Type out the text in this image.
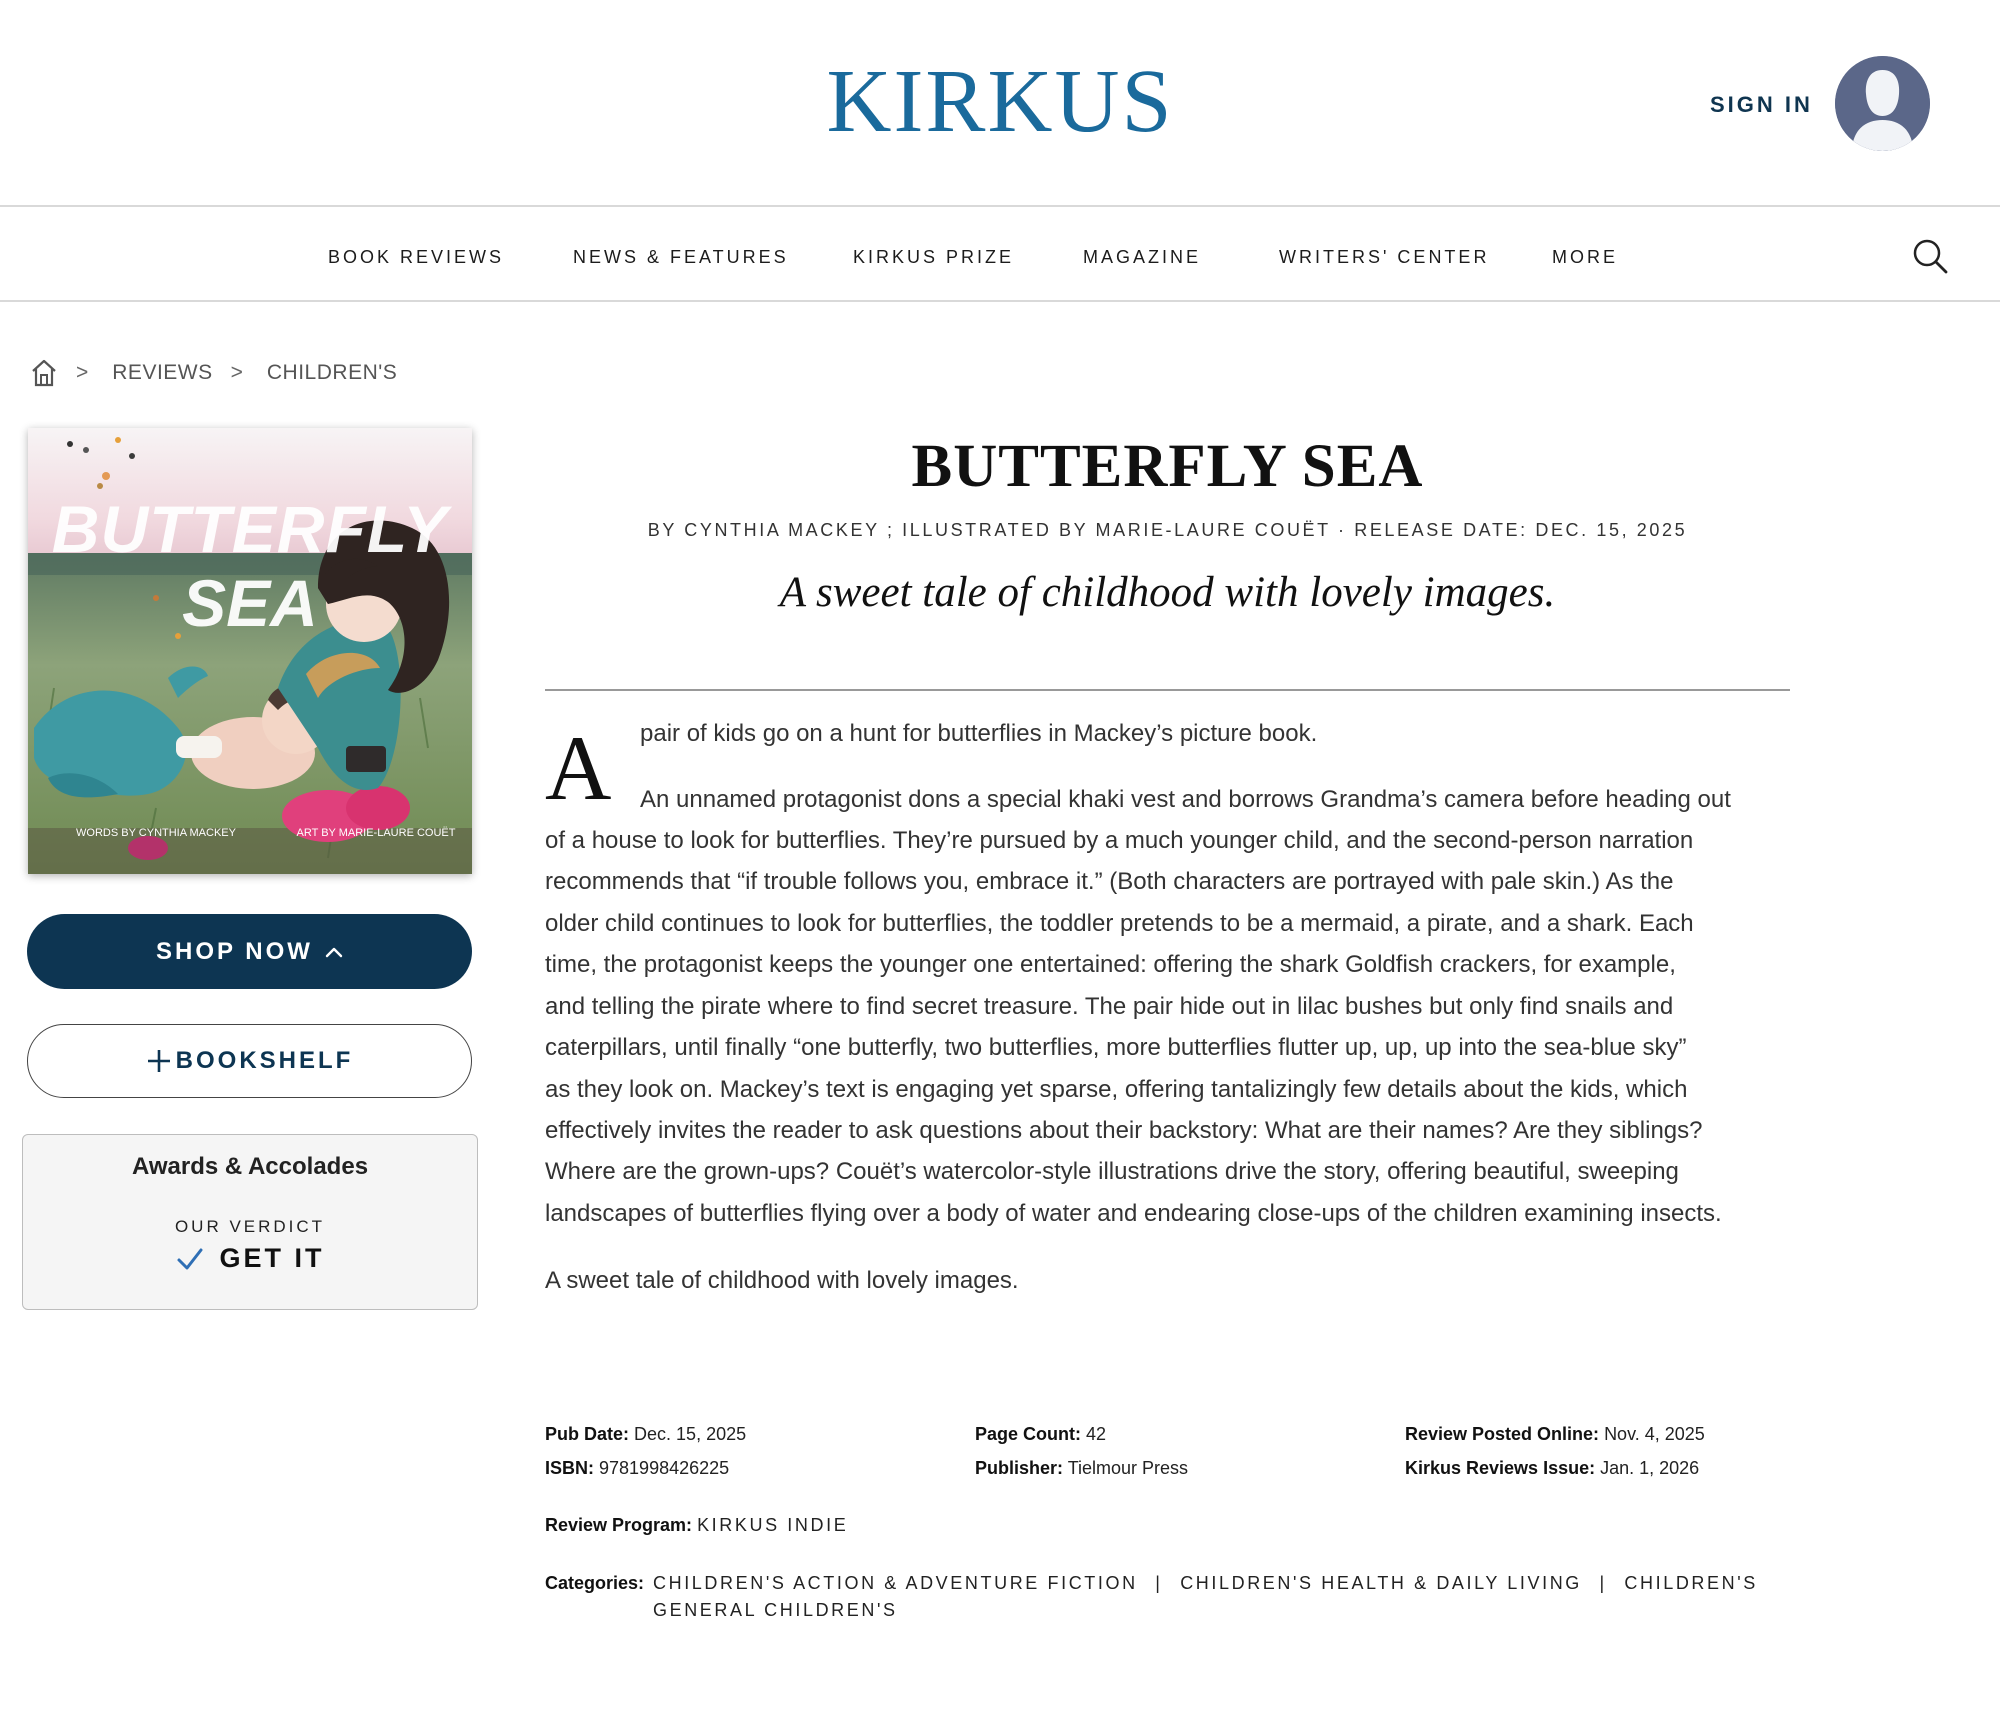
KIRKUS	SIGN IN
BOOK REVIEWS	NEWS & FEATURES	KIRKUS PRIZE	MAGAZINE	WRITERS' CENTER	MORE
> REVIEWS > CHILDREN'S
BUTTERFLY
SEA
WORDS BY CYNTHIA MACKEY	ART BY MARIE-LAURE COUËT
SHOP NOW
BOOKSHELF
Awards & Accolades
OUR VERDICT
GET IT
BUTTERFLY SEA
BY CYNTHIA MACKEY ; ILLUSTRATED BY MARIE-LAURE COUËT · RELEASE DATE: DEC. 15, 2025
A sweet tale of childhood with lovely images.
A pair of kids go on a hunt for butterflies in Mackey’s picture book.
An unnamed protagonist dons a special khaki vest and borrows Grandma’s camera before heading out
of a house to look for butterflies. They’re pursued by a much younger child, and the second-person narration
recommends that “if trouble follows you, embrace it.” (Both characters are portrayed with pale skin.) As the
older child continues to look for butterflies, the toddler pretends to be a mermaid, a pirate, and a shark. Each
time, the protagonist keeps the younger one entertained: offering the shark Goldfish crackers, for example,
and telling the pirate where to find secret treasure. The pair hide out in lilac bushes but only find snails and
caterpillars, until finally “one butterfly, two butterflies, more butterflies flutter up, up, up into the sea-blue sky”
as they look on. Mackey’s text is engaging yet sparse, offering tantalizingly few details about the kids, which
effectively invites the reader to ask questions about their backstory: What are their names? Are they siblings?
Where are the grown-ups? Couët’s watercolor-style illustrations drive the story, offering beautiful, sweeping
landscapes of butterflies flying over a body of water and endearing close-ups of the children examining insects.
A sweet tale of childhood with lovely images.
Pub Date: Dec. 15, 2025
ISBN: 9781998426225
Page Count: 42
Publisher: Tielmour Press
Review Posted Online: Nov. 4, 2025
Kirkus Reviews Issue: Jan. 1, 2026
Review Program: KIRKUS INDIE
Categories: CHILDREN'S ACTION & ADVENTURE FICTION | CHILDREN'S HEALTH & DAILY LIVING | CHILDREN'S
GENERAL CHILDREN'S
